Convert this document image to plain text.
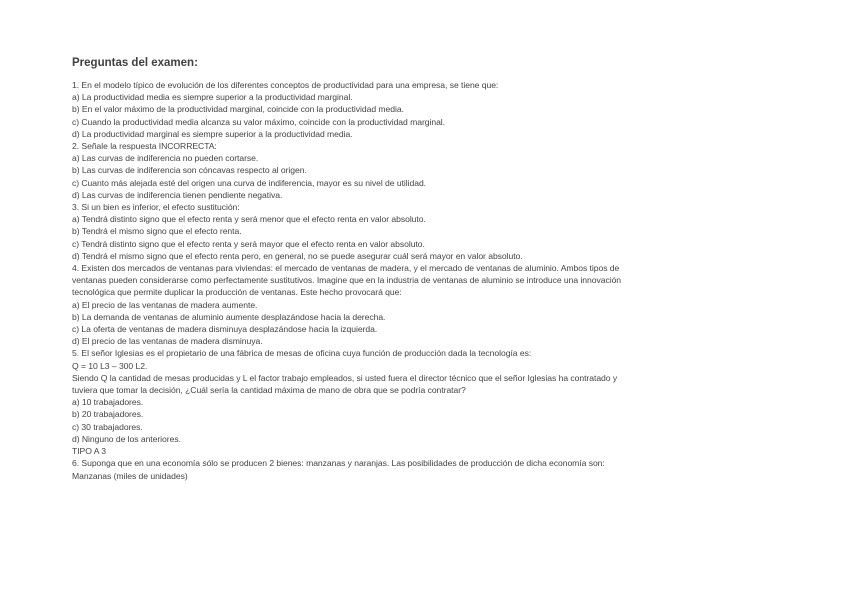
Preguntas del examen:
1. En el modelo típico de evolución de los diferentes conceptos de productividad para una empresa, se tiene que:
a) La productividad media es siempre superior a la productividad marginal.
b) En el valor máximo de la productividad marginal, coincide con la productividad media.
c) Cuando la productividad media alcanza su valor máximo, coincide con la productividad marginal.
d) La productividad marginal es siempre superior a la productividad media.
2. Señale la respuesta INCORRECTA:
a) Las curvas de indiferencia no pueden cortarse.
b) Las curvas de indiferencia son cóncavas respecto al origen.
c) Cuanto más alejada esté del origen una curva de indiferencia, mayor es su nivel de utilidad.
d) Las curvas de indiferencia tienen pendiente negativa.
3. Si un bien es inferior, el efecto sustitución:
a) Tendrá distinto signo que el efecto renta y será menor que el efecto renta en valor absoluto.
b) Tendrá el mismo signo que el efecto renta.
c) Tendrá distinto signo que el efecto renta y será mayor que el efecto renta en valor absoluto.
d) Tendrá el mismo signo que el efecto renta pero, en general, no se puede asegurar cuál será mayor en valor absoluto.
4. Existen dos mercados de ventanas para viviendas: el mercado de ventanas de madera, y el mercado de ventanas de aluminio. Ambos tipos de
ventanas pueden considerarse como perfectamente sustitutivos. Imagine que en la industria de ventanas de aluminio se introduce una innovación
tecnológica que permite duplicar la producción de ventanas. Este hecho provocará que:
a) El precio de las ventanas de madera aumente.
b) La demanda de ventanas de aluminio aumente desplazándose hacia la derecha.
c) La oferta de ventanas de madera disminuya desplazándose hacia la izquierda.
d) El precio de las ventanas de madera disminuya.
5. El señor Iglesias es el propietario de una fábrica de mesas de oficina cuya función de producción dada la tecnología es:
Q = 10 L3 – 300 L2.
Siendo Q la cantidad de mesas producidas y L el factor trabajo empleados, si usted fuera el director técnico que el señor Iglesias ha contratado y
tuviera que tomar la decisión, ¿Cuál sería la cantidad máxima de mano de obra que se podría contratar?
a) 10 trabajadores.
b) 20 trabajadores.
c) 30 trabajadores.
d) Ninguno de los anteriores.
TIPO A 3
6. Suponga que en una economía sólo se producen 2 bienes: manzanas y naranjas. Las posibilidades de producción de dicha economía son:
Manzanas (miles de unidades)
